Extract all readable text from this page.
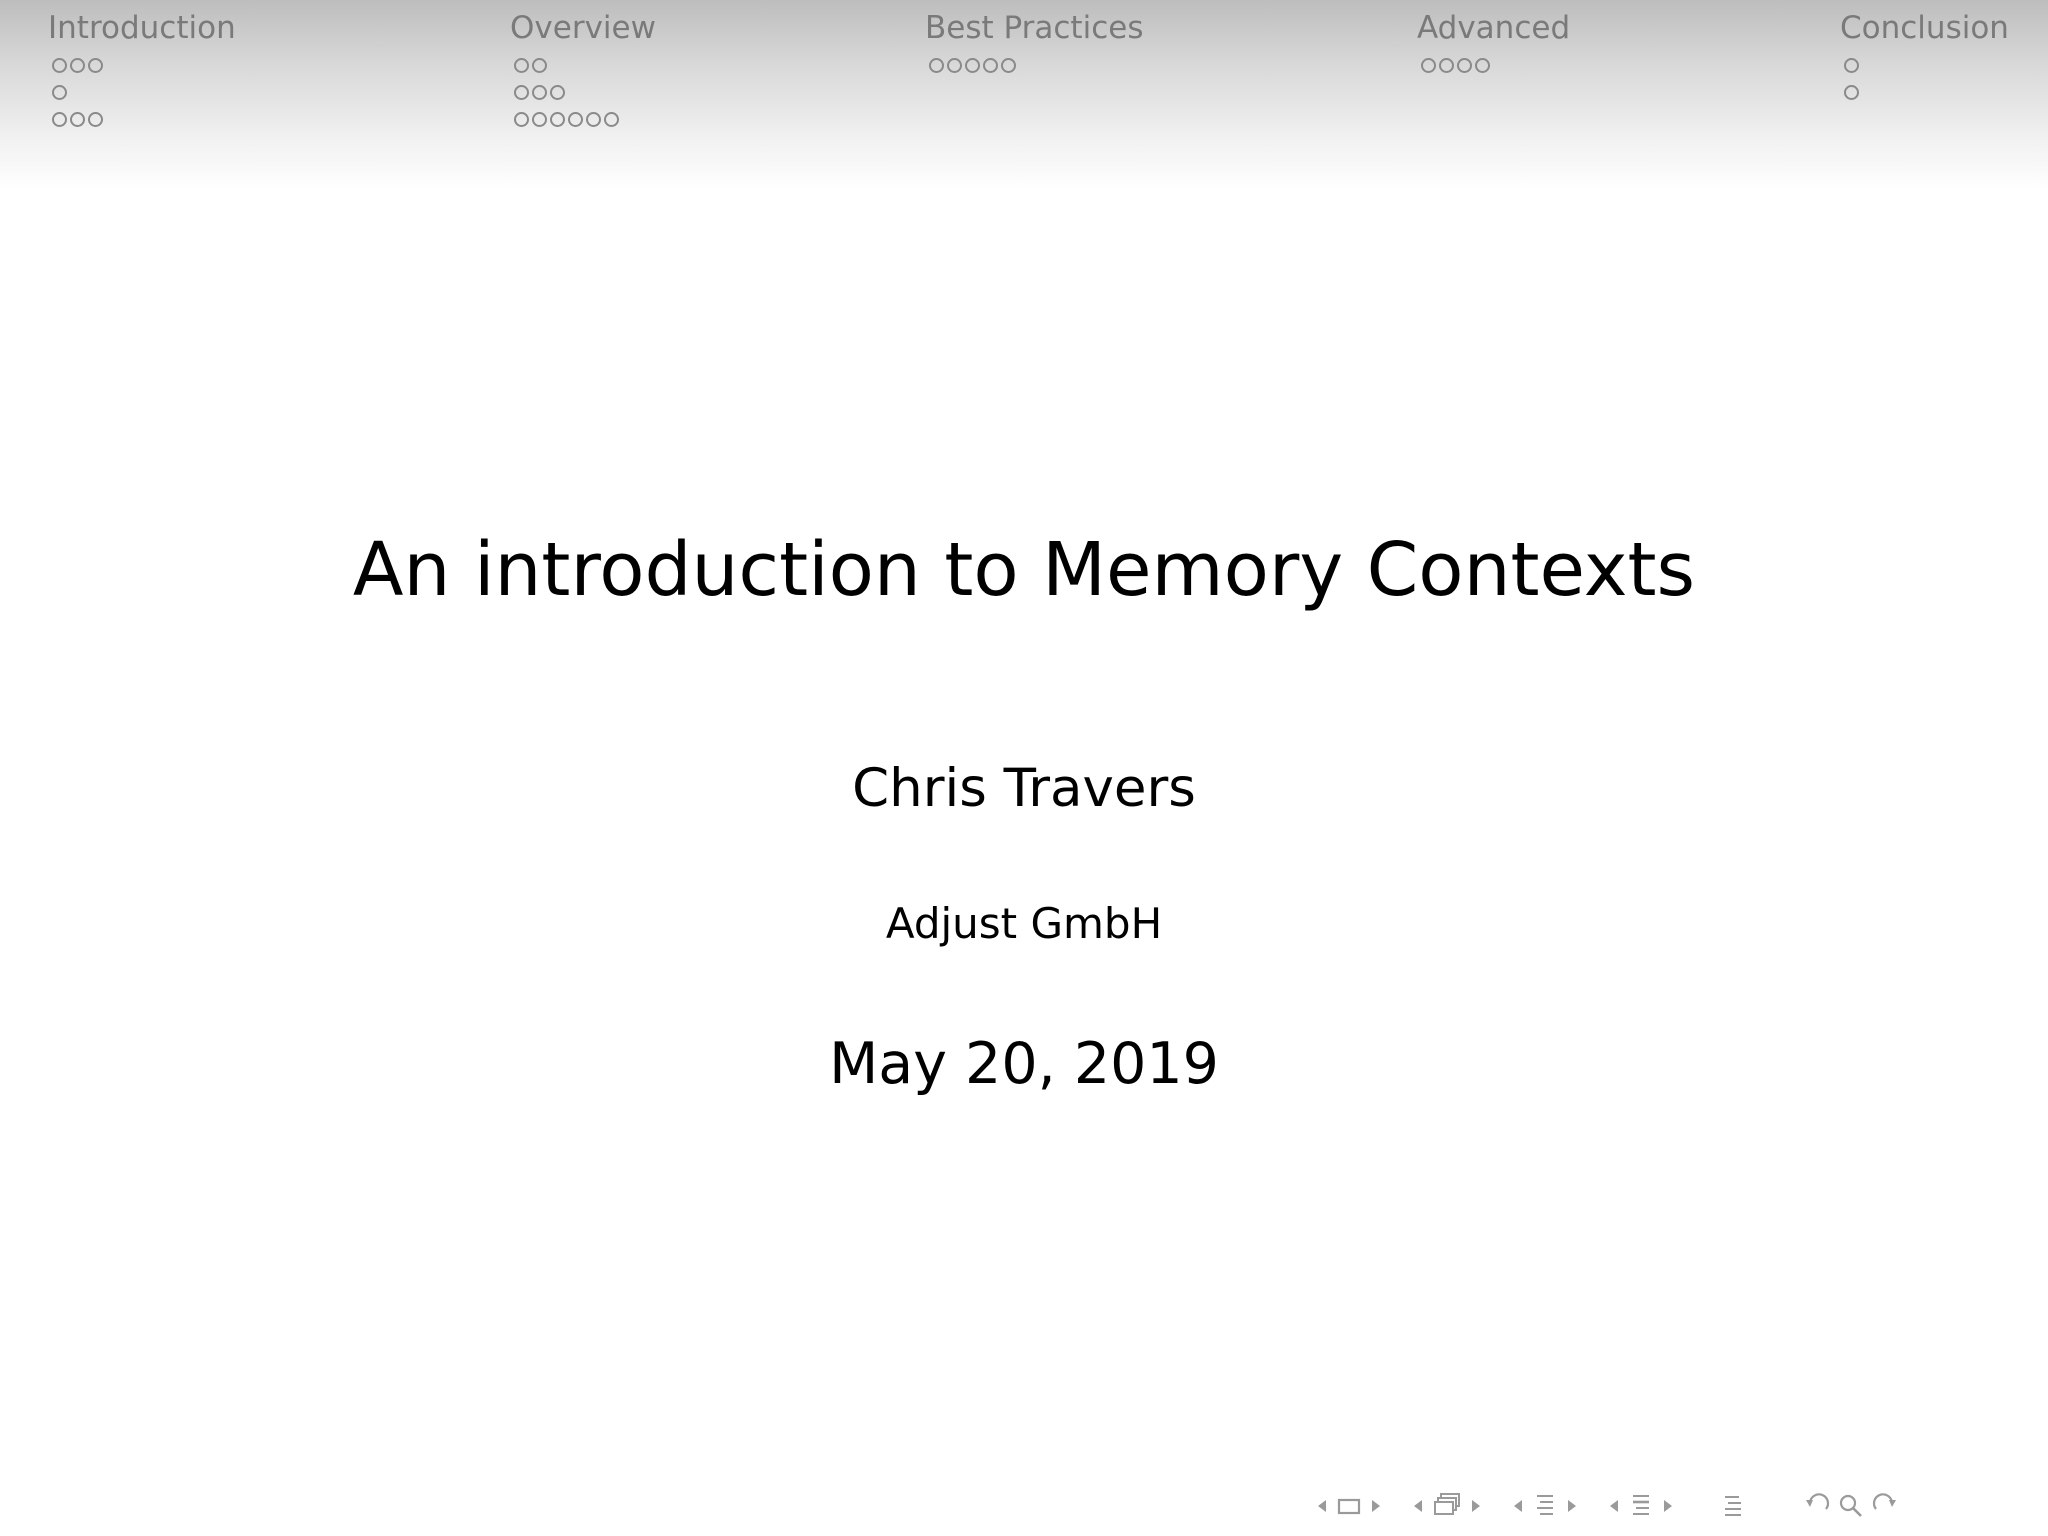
Introduction	Overview	Best Practices	Advanced	Conclusion
An introduction to Memory Contexts
Chris Travers
Adjust GmbH
May 20, 2019
